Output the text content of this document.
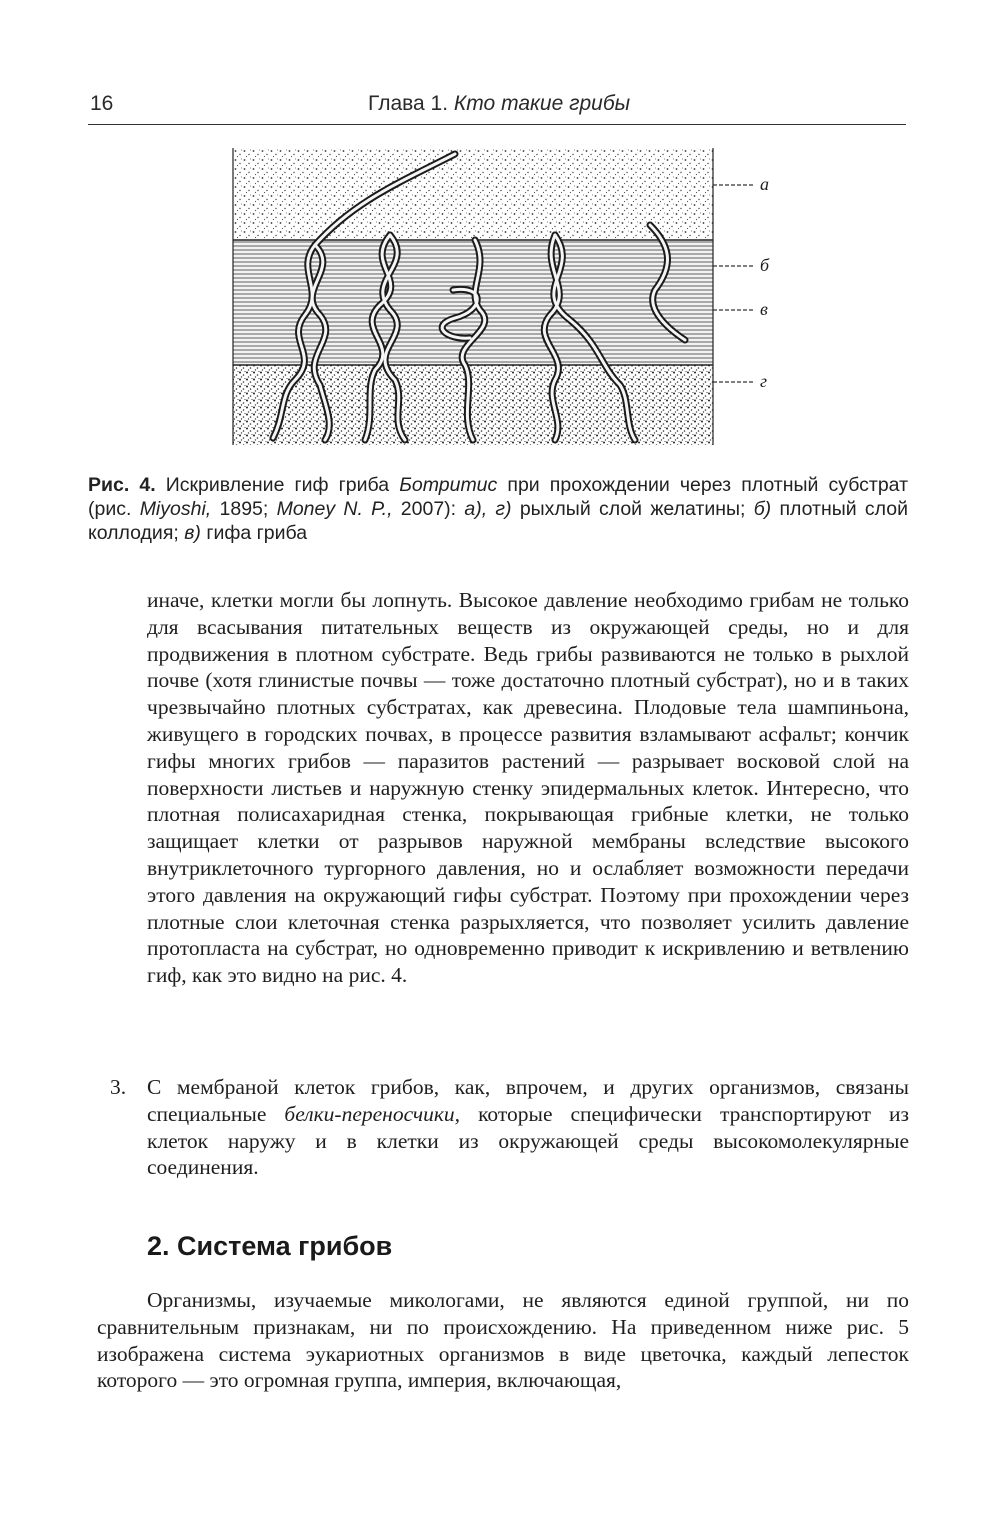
16	Глава 1. Кто такие грибы
а
б
в
г
Рис. 4. Искривление гиф гриба Ботритис при прохождении через плотный субстрат (рис. Miyoshi, 1895; Money N. P., 2007): а), г) рыхлый слой желатины; б) плотный слой коллодия; в) гифа гриба
иначе, клетки могли бы лопнуть. Высокое давление необходимо грибам не только для всасывания питательных веществ из окружающей среды, но и для продвижения в плотном субстрате. Ведь грибы развиваются не только в рыхлой почве (хотя глинистые почвы — тоже достаточно плотный субстрат), но и в таких чрезвычайно плотных субстратах, как древесина. Плодовые тела шампиньона, живущего в городских почвах, в процессе развития взламывают асфальт; кончик гифы многих грибов — паразитов растений — разрывает восковой слой на поверхности листьев и наружную стенку эпидермальных клеток. Интересно, что плотная полисахаридная стенка, покрывающая грибные клетки, не только защищает клетки от разрывов наружной мембраны вследствие высокого внутриклеточного тургорного давления, но и ослабляет возможности передачи этого давления на окружающий гифы субстрат. Поэтому при прохождении через плотные слои клеточная стенка разрыхляется, что позволяет усилить давление протопласта на субстрат, но одновременно приводит к искривлению и ветвлению гиф, как это видно на рис. 4.
3. С мембраной клеток грибов, как, впрочем, и других организмов, связаны специальные белки-переносчики, которые специфически транспортируют из клеток наружу и в клетки из окружающей среды высокомолекулярные соединения.
2. Система грибов
Организмы, изучаемые микологами, не являются единой группой, ни по сравнительным признакам, ни по происхождению. На приведенном ниже рис. 5 изображена система эукариотных организмов в виде цветочка, каждый лепесток которого — это огромная группа, империя, включающая,
